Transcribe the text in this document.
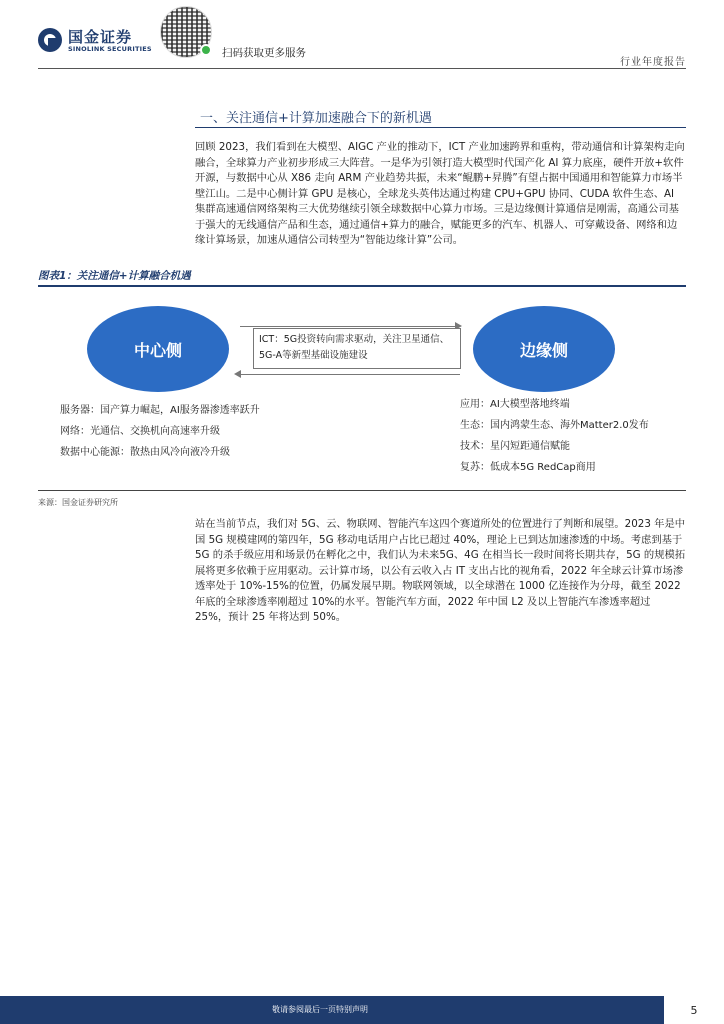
国金证券
SINOLINK SECURITIES	扫码获取更多服务
行业年度报告
一、关注通信+计算加速融合下的新机遇
回顾 2023，我们看到在大模型、AIGC 产业的推动下，ICT 产业加速跨界和重构，带动通信和计算架构走向融合，全球算力产业初步形成三大阵营。一是华为引领打造大模型时代国产化 AI 算力底座，硬件开放+软件开源，与数据中心从 X86 走向 ARM 产业趋势共振，未来“鲲鹏+昇腾”有望占据中国通用和智能算力市场半壁江山。二是中心侧计算 GPU 是核心，全球龙头英伟达通过构建 CPU+GPU 协同、CUDA 软件生态、AI 集群高速通信网络架构三大优势继续引领全球数据中心算力市场。三是边缘侧计算通信是刚需，高通公司基于强大的无线通信产品和生态，通过通信+算力的融合，赋能更多的汽车、机器人、可穿戴设备、网络和边缘计算场景，加速从通信公司转型为“智能边缘计算”公司。
图表1：关注通信+计算融合机遇
中心侧	边缘侧
ICT：5G投资转向需求驱动，关注卫星通信、5G-A等新型基础设施建设
服务器：国产算力崛起，AI服务器渗透率跃升
网络：光通信、交换机向高速率升级
数据中心能源：散热由风冷向液冷升级
应用：AI大模型落地终端
生态：国内鸿蒙生态、海外Matter2.0发布
技术：星闪短距通信赋能
复苏：低成本5G RedCap商用
来源：国金证券研究所
站在当前节点，我们对 5G、云、物联网、智能汽车这四个赛道所处的位置进行了判断和展望。2023 年是中国 5G 规模建网的第四年，5G 移动电话用户占比已超过 40%，理论上已到达加速渗透的中场。考虑到基于 5G 的杀手级应用和场景仍在孵化之中，我们认为未来5G、4G 在相当长一段时间将长期共存，5G 的规模拓展将更多依赖于应用驱动。云计算市场，以公有云收入占 IT 支出占比的视角看，2022 年全球云计算市场渗透率处于 10%-15%的位置，仍属发展早期。物联网领域，以全球潜在 1000 亿连接作为分母，截至 2022 年底的全球渗透率刚超过 10%的水平。智能汽车方面，2022 年中国 L2 及以上智能汽车渗透率超过 25%，预计 25 年将达到 50%。
敬请参阅最后一页特别声明	5
